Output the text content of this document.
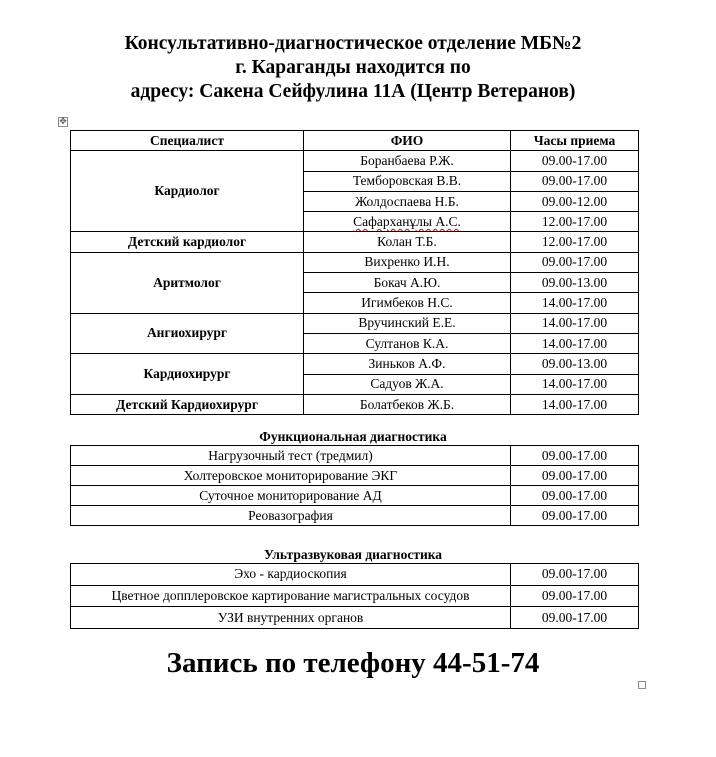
Консультативно-диагностическое отделение МБ№2
г. Караганды находится по
адресу: Сакена Сейфулина 11А (Центр Ветеранов)
✥
Специалист	ФИО	Часы приема
Кардиолог	Боранбаева Р.Ж.	09.00-17.00
	Темборовская В.В.	09.00-17.00
	Жолдоспаева Н.Б.	09.00-12.00
	Сафарханұлы А.С.	12.00-17.00
Детский кардиолог	Колан Т.Б.	12.00-17.00
Аритмолог	Вихренко И.Н.	09.00-17.00
	Бокач А.Ю.	09.00-13.00
	Игимбеков Н.С.	14.00-17.00
Ангиохирург	Вручинский Е.Е.	14.00-17.00
	Султанов К.А.	14.00-17.00
Кардиохирург	Зиньков А.Ф.	09.00-13.00
	Садуов Ж.А.	14.00-17.00
Детский Кардиохирург	Болатбеков Ж.Б.	14.00-17.00
Функциональная диагностика
Нагрузочный тест (тредмил)	09.00-17.00
Холтеровское мониторирование ЭКГ	09.00-17.00
Суточное мониторирование АД	09.00-17.00
Реовазография	09.00-17.00
Ультразвуковая диагностика
Эхо - кардиоскопия	09.00-17.00
Цветное допплеровское картирование магистральных сосудов	09.00-17.00
УЗИ внутренних органов	09.00-17.00
Запись по телефону 44-51-74
